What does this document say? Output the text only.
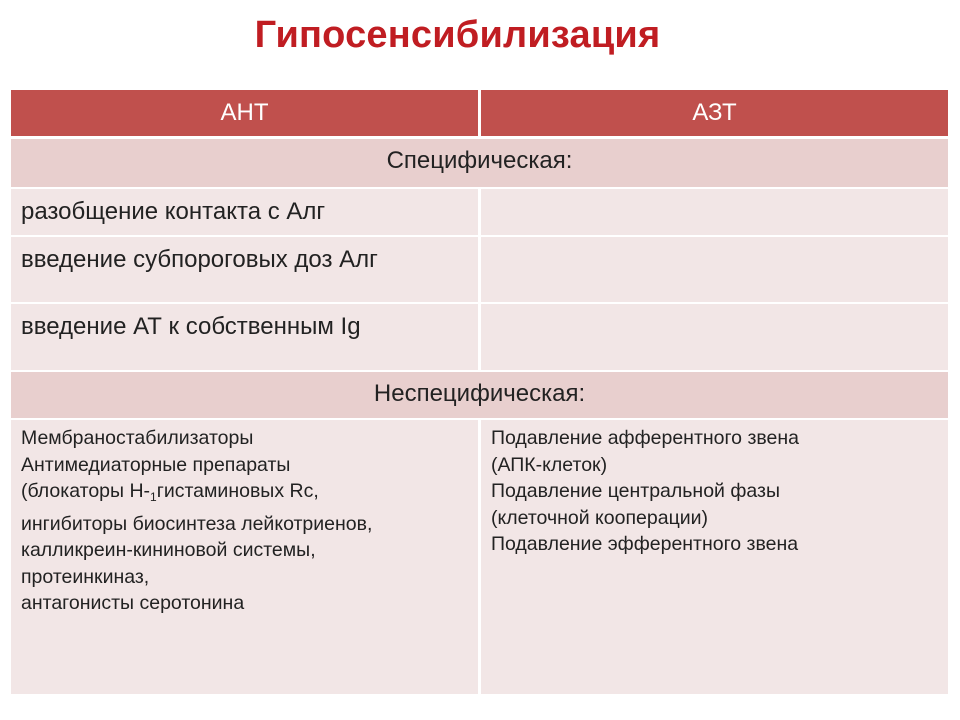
Гипосенсибилизация
АНТ	АЗТ
Специфическая:
разобщение контакта с Алг
введение субпороговых доз Алг
введение АТ к собственным Ig
Неспецифическая:
Мембраностабилизаторы
Антимедиаторные препараты
(блокаторы $Н-_1гистаминовых$ Rc,
ингибиторы биосинтеза лейкотриенов,
калликреин-кининовой системы,
протеинкиназ,
антагонисты серотонина
Подавление афферентного звена
(АПК-клеток)
Подавление центральной фазы
(клеточной кооперации)
Подавление эфферентного звена
